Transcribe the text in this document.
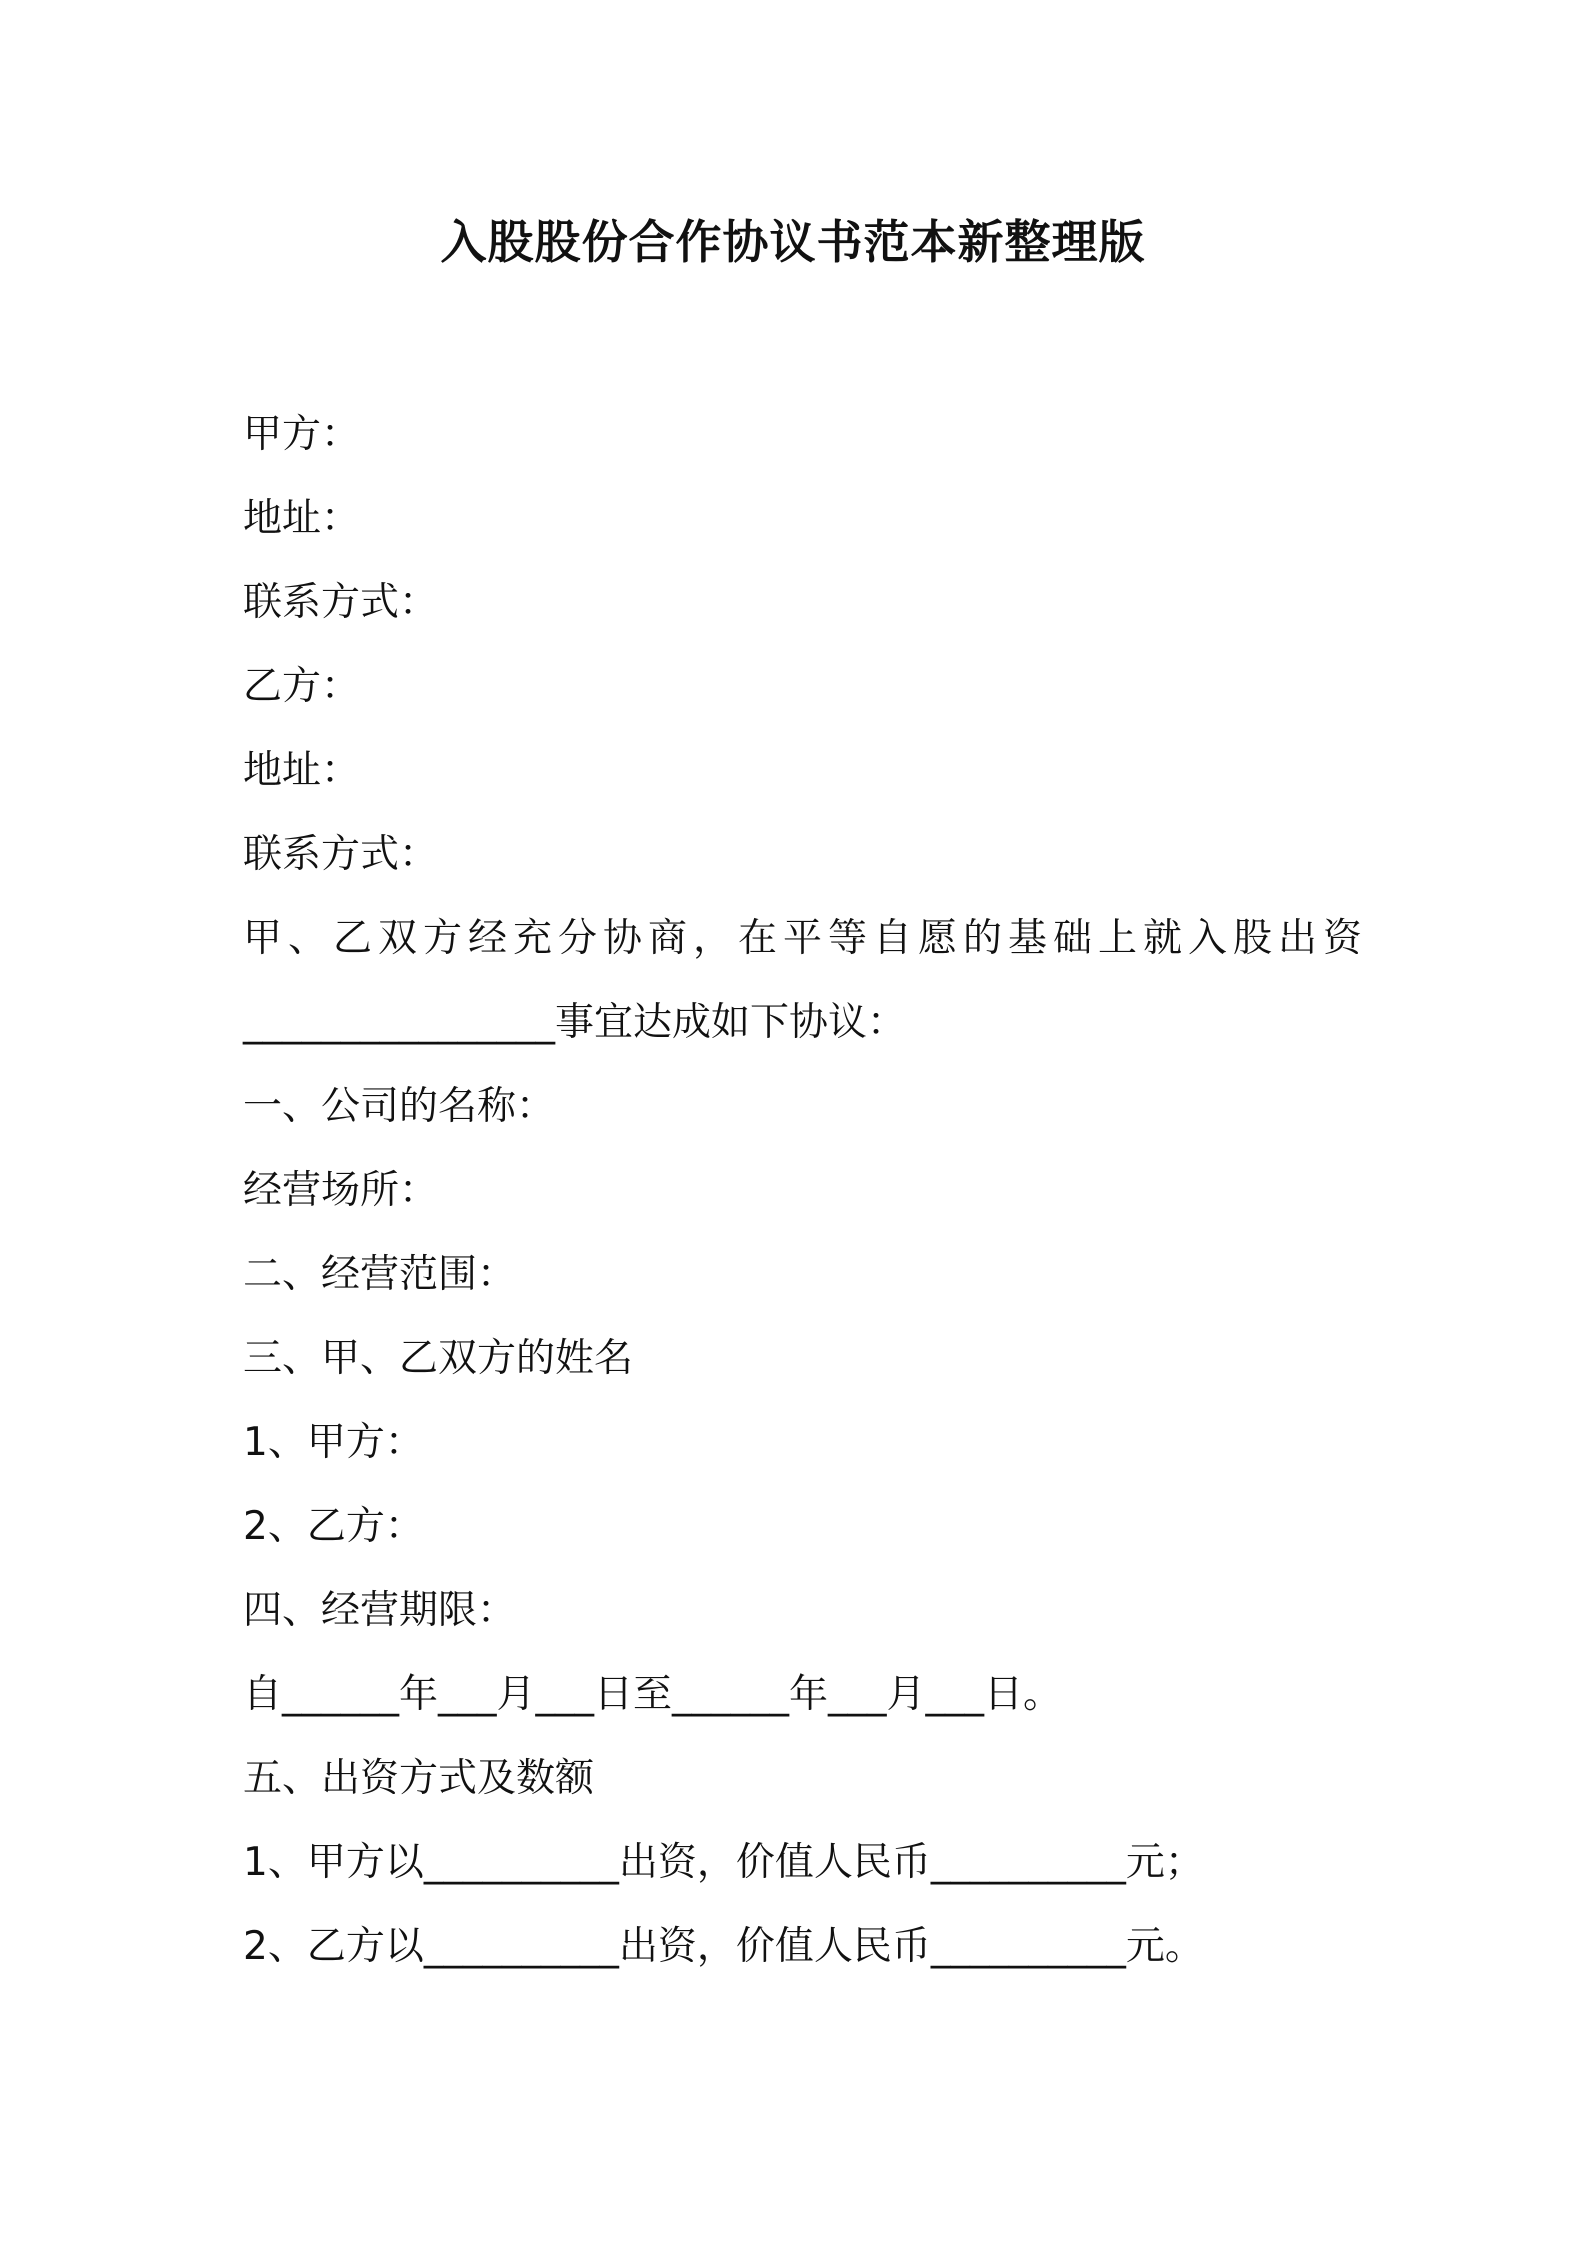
入股股份合作协议书范本新整理版

甲方：

地址：

联系方式：

乙方：

地址：

联系方式：

甲、乙双方经充分协商，在平等自愿的基础上就入股出资

________________事宜达成如下协议：

一、公司的名称：

经营场所：

二、经营范围：

三、甲、乙双方的姓名

1、甲方：

2、乙方：

四、经营期限：

自______年___月___日至______年___月___日。

五、出资方式及数额

1、甲方以__________出资，价值人民币__________元；

2、乙方以__________出资，价值人民币__________元。
